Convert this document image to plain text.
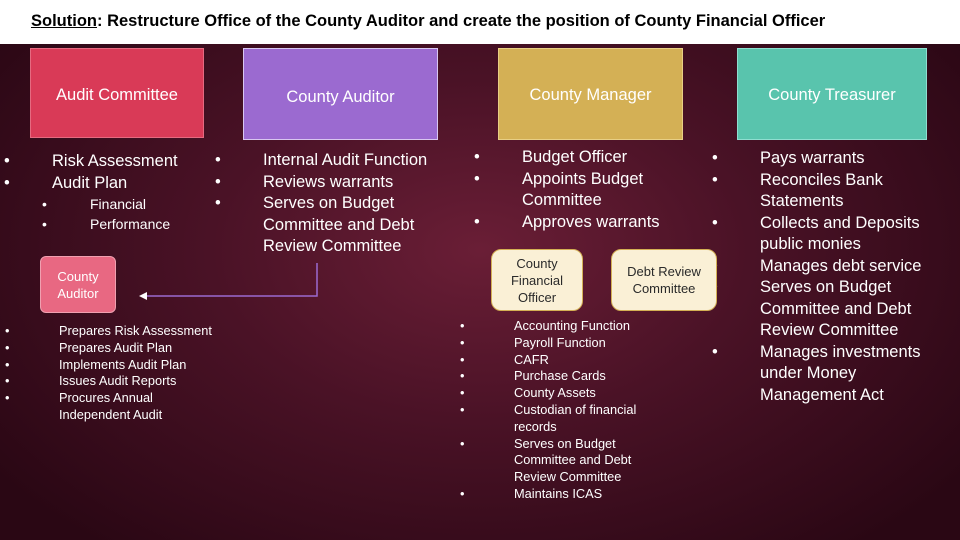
Solution: Restructure Office of the County Auditor and create the position of County Financial Officer
Audit Committee	County Auditor	County Manager	County Treasurer
•	Risk Assessment
•	Audit Plan
•	Financial
•	Performance
•	Internal Audit Function
•	Reviews warrants
•	Serves on Budget Committee and Debt Review Committee
•	Budget Officer
•	Appoints Budget Committee
•	Approves warrants
•	Pays warrants
•	Reconciles Bank Statements
•	Collects and Deposits public monies
Manages debt service
Serves on Budget Committee and Debt Review Committee
•	Manages investments under Money Management Act
County Auditor
•	Prepares Risk Assessment
•	Prepares Audit Plan
•	Implements Audit Plan
•	Issues Audit Reports
•	Procures Annual Independent Audit
County Financial Officer
Debt Review Committee
•	Accounting Function
•	Payroll Function
•	CAFR
•	Purchase Cards
•	County Assets
•	Custodian of financial records
•	Serves on Budget Committee and Debt Review Committee
•	Maintains ICAS
